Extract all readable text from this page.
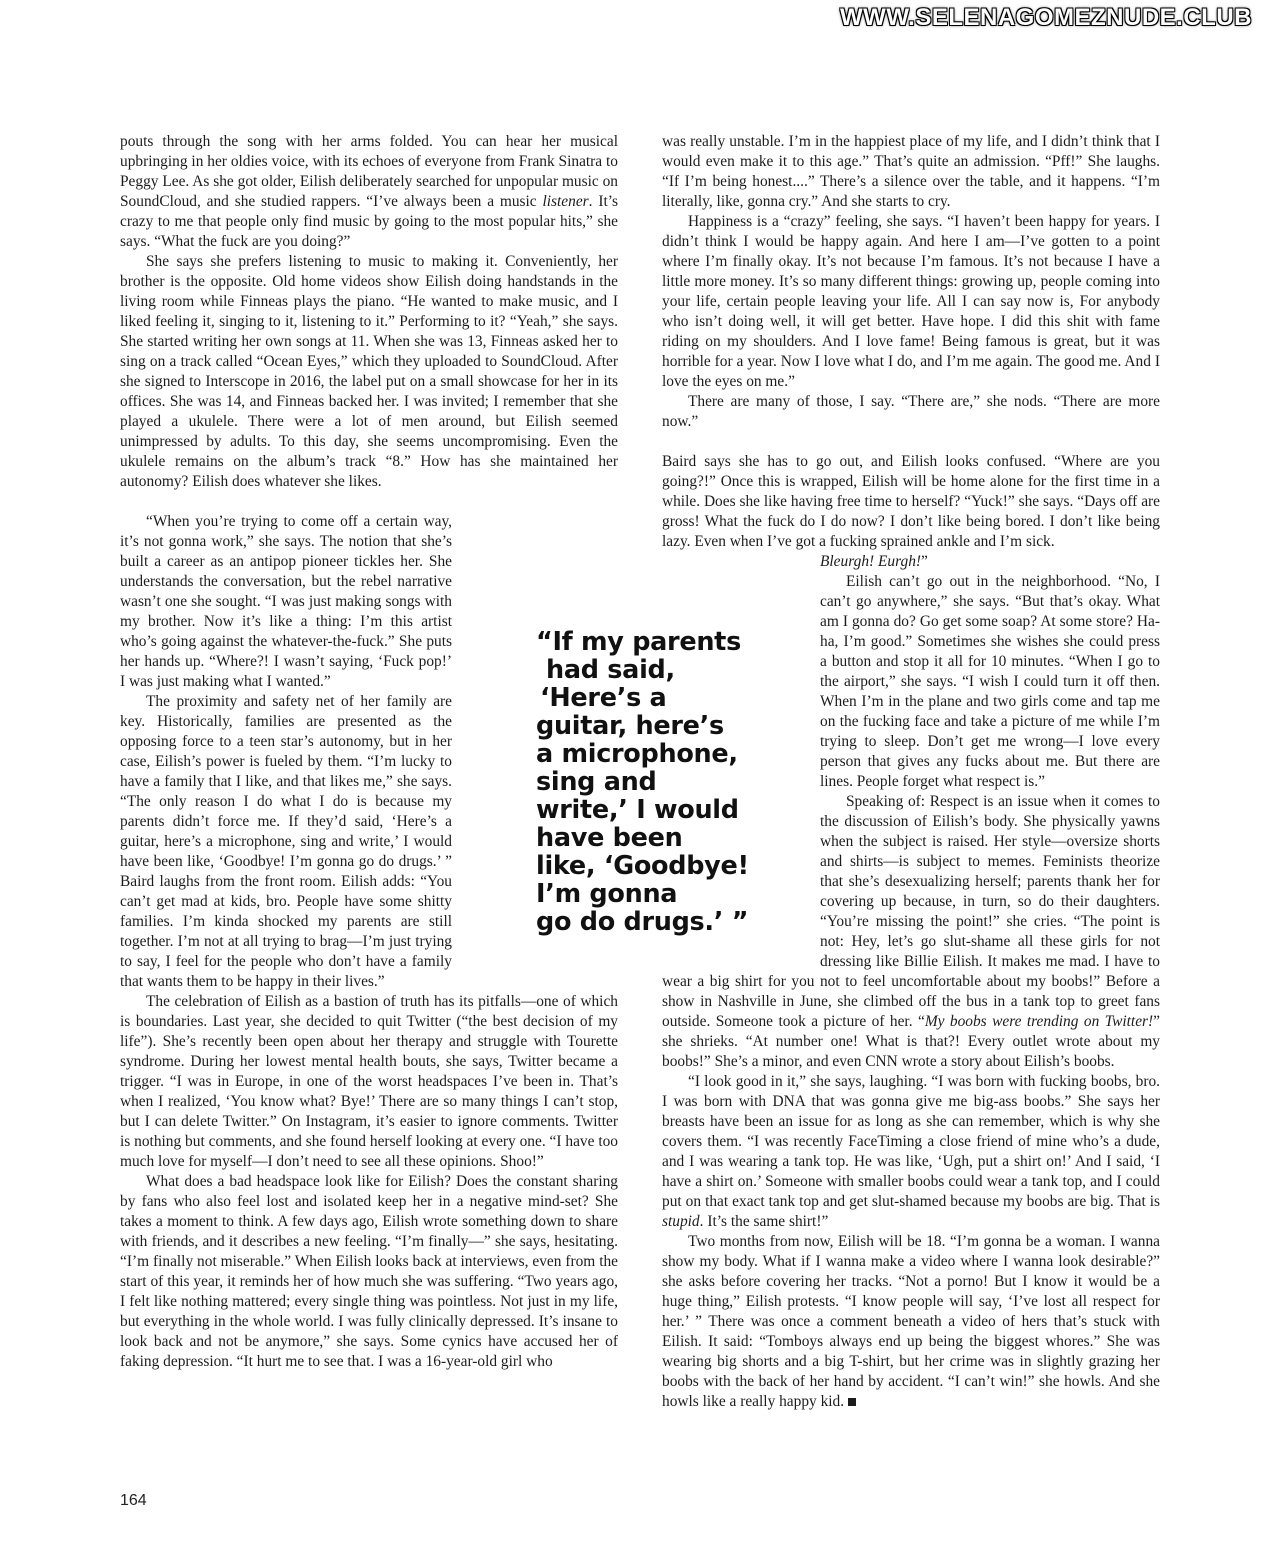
WWW.SELENAGOMEZNUDE.CLUB

pouts through the song with her arms folded. You can hear her musical upbringing in her oldies voice, with its echoes of everyone from Frank Sinatra to Peggy Lee. As she got older, Eilish deliberately searched for unpopular music on SoundCloud, and she studied rappers. “I’ve always been a music listener. It’s crazy to me that people only find music by going to the most popular hits,” she says. “What the fuck are you doing?”

She says she prefers listening to music to making it. Conveniently, her brother is the opposite. Old home videos show Eilish doing handstands in the living room while Finneas plays the piano. “He wanted to make music, and I liked feeling it, singing to it, listening to it.” Performing to it? “Yeah,” she says. She started writing her own songs at 11. When she was 13, Finneas asked her to sing on a track called “Ocean Eyes,” which they uploaded to SoundCloud. After she signed to Interscope in 2016, the label put on a small showcase for her in its offices. She was 14, and Finneas backed her. I was invited; I remember that she played a ukulele. There were a lot of men around, but Eilish seemed unimpressed by adults. To this day, she seems uncompromising. Even the ukulele remains on the album’s track “8.” How has she maintained her autonomy? Eilish does whatever she likes.

“When you’re trying to come off a certain way, it’s not gonna work,” she says. The notion that she’s built a career as an antipop pioneer tickles her. She understands the conversation, but the rebel narrative wasn’t one she sought. “I was just making songs with my brother. Now it’s like a thing: I’m this artist who’s going against the whatever-the-fuck.” She puts her hands up. “Where?! I wasn’t saying, ‘Fuck pop!’ I was just making what I wanted.”

The proximity and safety net of her family are key. Historically, families are presented as the opposing force to a teen star’s autonomy, but in her case, Eilish’s power is fueled by them. “I’m lucky to have a family that I like, and that likes me,” she says. “The only reason I do what I do is because my parents didn’t force me. If they’d said, ‘Here’s a guitar, here’s a microphone, sing and write,’ I would have been like, ‘Goodbye! I’m gonna go do drugs.’ ” Baird laughs from the front room. Eilish adds: “You can’t get mad at kids, bro. People have some shitty families. I’m kinda shocked my parents are still together. I’m not at all trying to brag—I’m just trying to say, I feel for the people who don’t have a family that wants them to be happy in their lives.”

The celebration of Eilish as a bastion of truth has its pitfalls—one of which is boundaries. Last year, she decided to quit Twitter (“the best decision of my life”). She’s recently been open about her therapy and struggle with Tourette syndrome. During her lowest mental health bouts, she says, Twitter became a trigger. “I was in Europe, in one of the worst headspaces I’ve been in. That’s when I realized, ‘You know what? Bye!’ There are so many things I can’t stop, but I can delete Twitter.” On Instagram, it’s easier to ignore comments. Twitter is nothing but comments, and she found herself looking at every one. “I have too much love for myself—I don’t need to see all these opinions. Shoo!”

What does a bad headspace look like for Eilish? Does the constant sharing by fans who also feel lost and isolated keep her in a negative mind-set? She takes a moment to think. A few days ago, Eilish wrote something down to share with friends, and it describes a new feeling. “I’m finally—” she says, hesitating. “I’m finally not miserable.” When Eilish looks back at interviews, even from the start of this year, it reminds her of how much she was suffering. “Two years ago, I felt like nothing mattered; every single thing was pointless. Not just in my life, but everything in the whole world. I was fully clinically depressed. It’s insane to look back and not be anymore,” she says. Some cynics have accused her of faking depression. “It hurt me to see that. I was a 16-year-old girl who

was really unstable. I’m in the happiest place of my life, and I didn’t think that I would even make it to this age.” That’s quite an admission. “Pff!” She laughs. “If I’m being honest....” There’s a silence over the table, and it happens. “I’m literally, like, gonna cry.” And she starts to cry.

Happiness is a “crazy” feeling, she says. “I haven’t been happy for years. I didn’t think I would be happy again. And here I am—I’ve gotten to a point where I’m finally okay. It’s not because I’m famous. It’s not because I have a little more money. It’s so many different things: growing up, people coming into your life, certain people leaving your life. All I can say now is, For anybody who isn’t doing well, it will get better. Have hope. I did this shit with fame riding on my shoulders. And I love fame! Being famous is great, but it was horrible for a year. Now I love what I do, and I’m me again. The good me. And I love the eyes on me.”

There are many of those, I say. “There are,” she nods. “There are more now.”

Baird says she has to go out, and Eilish looks confused. “Where are you going?!” Once this is wrapped, Eilish will be home alone for the first time in a while. Does she like having free time to herself? “Yuck!” she says. “Days off are gross! What the fuck do I do now? I don’t like being bored. I don’t like being lazy. Even when I’ve got a fucking sprained ankle and I’m sick.

Bleurgh! Eurgh!”

Eilish can’t go out in the neighborhood. “No, I can’t go anywhere,” she says. “But that’s okay. What am I gonna do? Go get some soap? At some store? Ha-ha, I’m good.” Sometimes she wishes she could press a button and stop it all for 10 minutes. “When I go to the airport,” she says. “I wish I could turn it off then. When I’m in the plane and two girls come and tap me on the fucking face and take a picture of me while I’m trying to sleep. Don’t get me wrong—I love every person that gives any fucks about me. But there are lines. People forget what respect is.”

Speaking of: Respect is an issue when it comes to the discussion of Eilish’s body. She physically yawns when the subject is raised. Her style—oversize shorts and shirts—is subject to memes. Feminists theorize that she’s desexualizing herself; parents thank her for covering up because, in turn, so do their daughters. “You’re missing the point!” she cries. “The point is not: Hey, let’s go slut-shame all these girls for not dressing like Billie Eilish. It makes me mad. I have to wear a big shirt for you not to feel uncomfortable about my boobs!” Before a show in Nashville in June, she climbed off the bus in a tank top to greet fans outside. Someone took a picture of her. “My boobs were trending on Twitter!” she shrieks. “At number one! What is that?! Every outlet wrote about my boobs!” She’s a minor, and even CNN wrote a story about Eilish’s boobs.

“I look good in it,” she says, laughing. “I was born with fucking boobs, bro. I was born with DNA that was gonna give me big-ass boobs.” She says her breasts have been an issue for as long as she can remember, which is why she covers them. “I was recently FaceTiming a close friend of mine who’s a dude, and I was wearing a tank top. He was like, ‘Ugh, put a shirt on!’ And I said, ‘I have a shirt on.’ Someone with smaller boobs could wear a tank top, and I could put on that exact tank top and get slut-shamed because my boobs are big. That is stupid. It’s the same shirt!”

Two months from now, Eilish will be 18. “I’m gonna be a woman. I wanna show my body. What if I wanna make a video where I wanna look desirable?” she asks before covering her tracks. “Not a porno! But I know it would be a huge thing,” Eilish protests. “I know people will say, ‘I’ve lost all respect for her.’ ” There was once a comment beneath a video of hers that’s stuck with Eilish. It said: “Tomboys always end up being the biggest whores.” She was wearing big shorts and a big T-shirt, but her crime was in slightly grazing her boobs with the back of her hand by accident. “I can’t win!” she howls. And she howls like a really happy kid.

“If my parents
had said,
‘Here’s a
guitar, here’s
a microphone,
sing and
write,’ I would
have been
like, ‘Goodbye!
I’m gonna
go do drugs.’ ”
164
